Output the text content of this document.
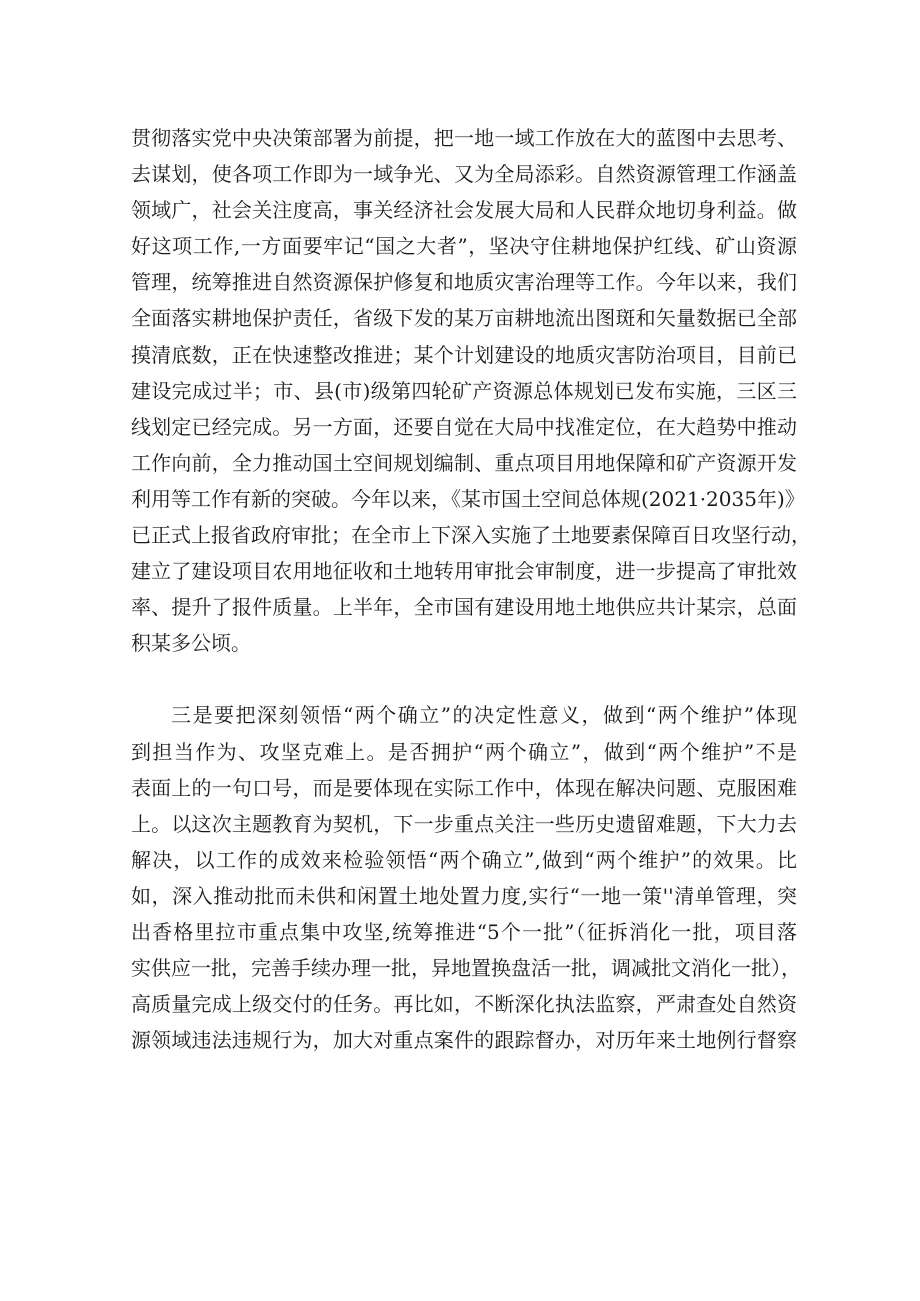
贯彻落实党中央决策部署为前提，把一地一域工作放在大的蓝图中去思考、
去谋划，使各项工作即为一域争光、又为全局添彩。自然资源管理工作涵盖
领域广，社会关注度高，事关经济社会发展大局和人民群众地切身利益。做
好这项工作,一方面要牢记“国之大者”，坚决守住耕地保护红线、矿山资源
管理，统筹推进自然资源保护修复和地质灾害治理等工作。今年以来，我们
全面落实耕地保护责任，省级下发的某万亩耕地流出图斑和矢量数据已全部
摸清底数，正在快速整改推进；某个计划建设的地质灾害防治项目，目前已
建设完成过半；市、县(市)级第四轮矿产资源总体规划已发布实施，三区三
线划定已经完成。另一方面，还要自觉在大局中找准定位，在大趋势中推动
工作向前，全力推动国土空间规划编制、重点项目用地保障和矿产资源开发
利用等工作有新的突破。今年以来，《某市国土空间总体规(2021·2035年)》
已正式上报省政府审批；在全市上下深入实施了土地要素保障百日攻坚行动，
建立了建设项目农用地征收和土地转用审批会审制度，进一步提高了审批效
率、提升了报件质量。上半年，全市国有建设用地土地供应共计某宗，总面
积某多公顷。
三是要把深刻领悟“两个确立”的决定性意义，做到“两个维护”体现
到担当作为、攻坚克难上。是否拥护“两个确立”，做到“两个维护”不是
表面上的一句口号，而是要体现在实际工作中，体现在解决问题、克服困难
上。以这次主题教育为契机，下一步重点关注一些历史遗留难题，下大力去
解决，以工作的成效来检验领悟“两个确立”,做到“两个维护”的效果。比
如，深入推动批而未供和闲置土地处置力度,实行“一地一策''清单管理，突
出香格里拉市重点集中攻坚,统筹推进“5个一批”（征拆消化一批，项目落
实供应一批，完善手续办理一批，异地置换盘活一批，调减批文消化一批），
高质量完成上级交付的任务。再比如，不断深化执法监察，严肃查处自然资
源领域违法违规行为，加大对重点案件的跟踪督办，对历年来土地例行督察
